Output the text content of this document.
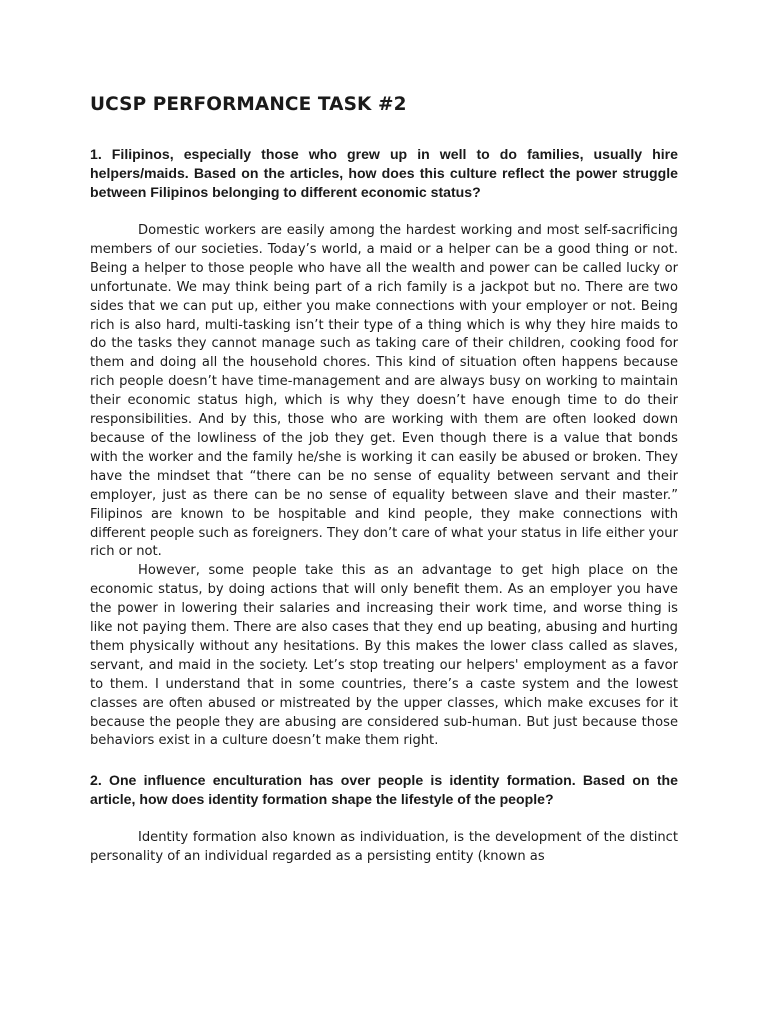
UCSP PERFORMANCE TASK #2

1. Filipinos, especially those who grew up in well to do families, usually hire helpers/maids. Based on the articles, how does this culture reflect the power struggle between Filipinos belonging to different economic status?

Domestic workers are easily among the hardest working and most self-sacrificing members of our societies. Today’s world, a maid or a helper can be a good thing or not. Being a helper to those people who have all the wealth and power can be called lucky or unfortunate. We may think being part of a rich family is a jackpot but no. There are two sides that we can put up, either you make connections with your employer or not. Being rich is also hard, multi-tasking isn’t their type of a thing which is why they hire maids to do the tasks they cannot manage such as taking care of their children, cooking food for them and doing all the household chores. This kind of situation often happens because rich people doesn’t have time-management and are always busy on working to maintain their economic status high, which is why they doesn’t have enough time to do their responsibilities. And by this, those who are working with them are often looked down because of the lowliness of the job they get. Even though there is a value that bonds with the worker and the family he/she is working it can easily be abused or broken. They have the mindset that “there can be no sense of equality between servant and their employer, just as there can be no sense of equality between slave and their master.” Filipinos are known to be hospitable and kind people, they make connections with different people such as foreigners. They don’t care of what your status in life either your rich or not.

However, some people take this as an advantage to get high place on the economic status, by doing actions that will only benefit them. As an employer you have the power in lowering their salaries and increasing their work time, and worse thing is like not paying them. There are also cases that they end up beating, abusing and hurting them physically without any hesitations. By this makes the lower class called as slaves, servant, and maid in the society. Let’s stop treating our helpers' employment as a favor to them. I understand that in some countries, there’s a caste system and the lowest classes are often abused or mistreated by the upper classes, which make excuses for it because the people they are abusing are considered sub-human. But just because those behaviors exist in a culture doesn’t make them right.

2. One influence enculturation has over people is identity formation. Based on the article, how does identity formation shape the lifestyle of the people?

Identity formation also known as individuation, is the development of the distinct personality of an individual regarded as a persisting entity (known as
